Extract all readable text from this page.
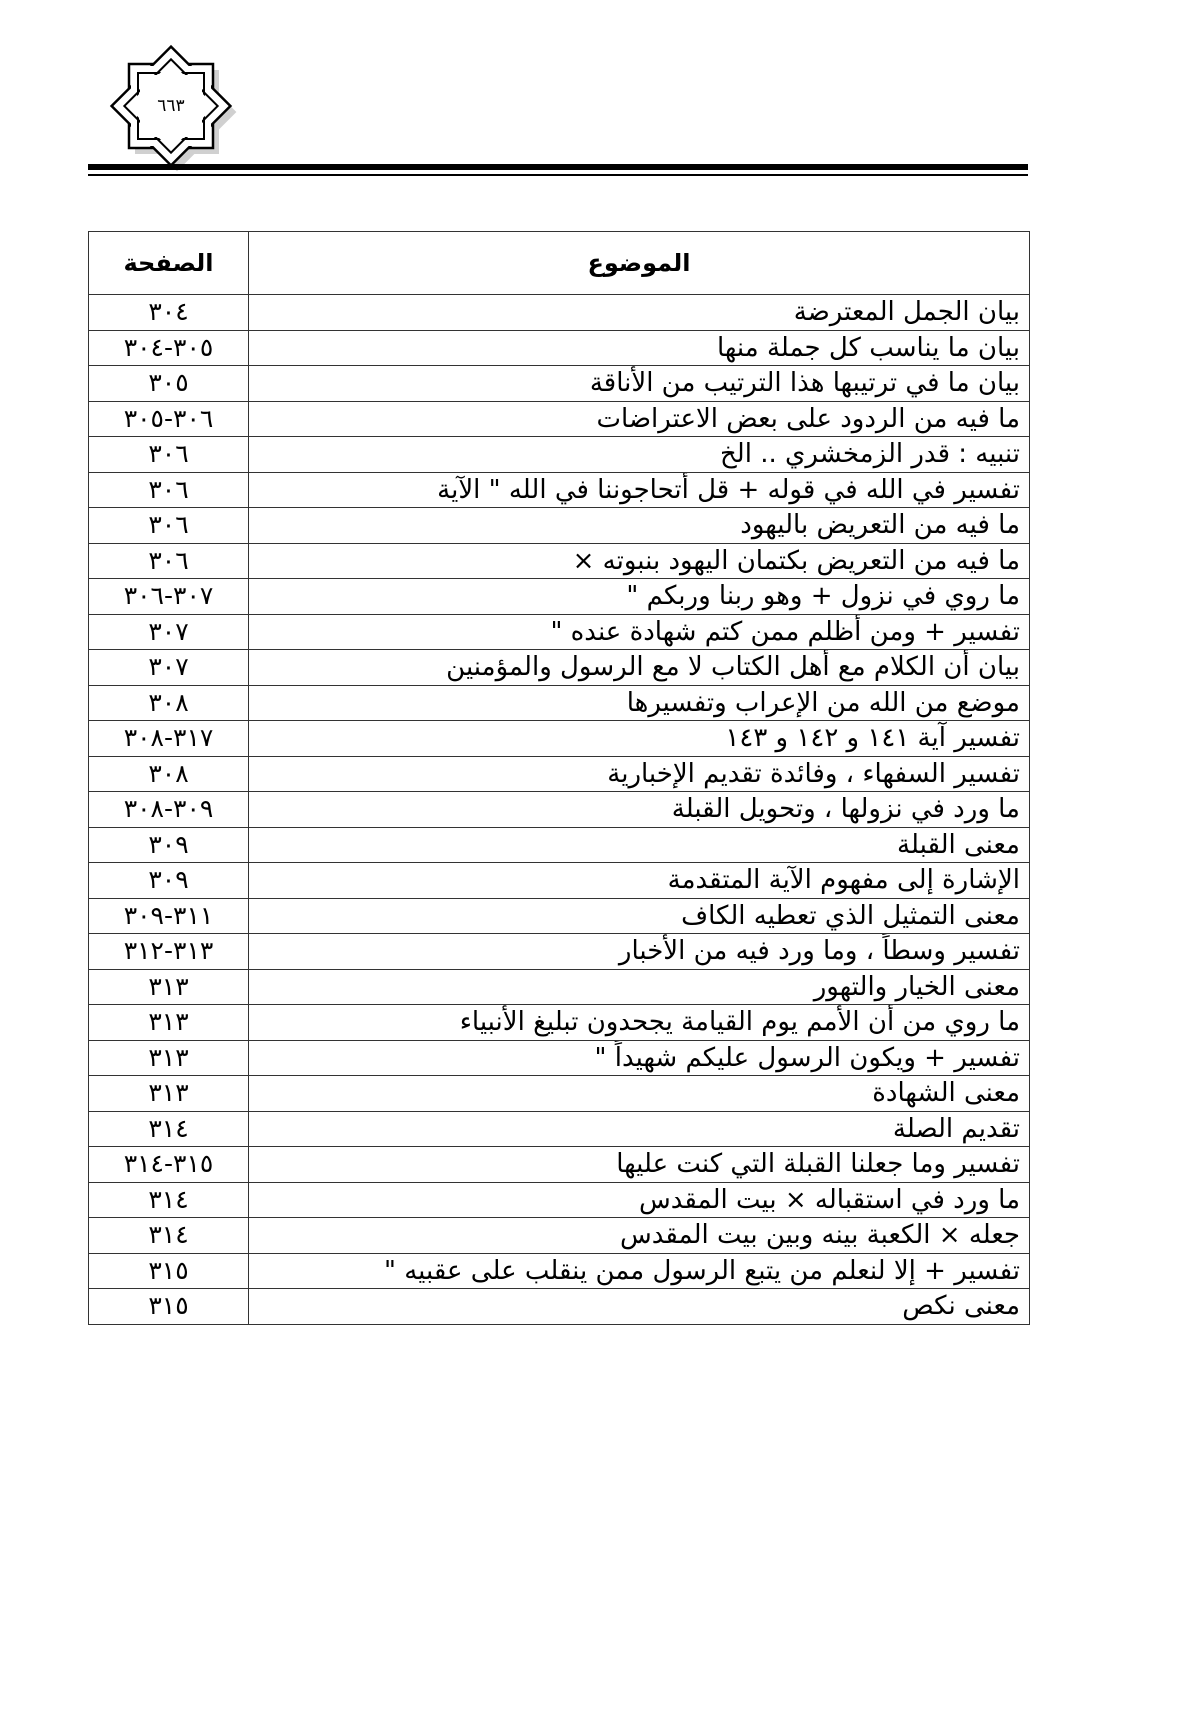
٦٦٣
الموضوع	الصفحة
بيان الجمل المعترضة	٣٠٤
بيان ما يناسب كل جملة منها	٣٠٥-٣٠٤
بيان ما في ترتيبها هذا الترتيب من الأناقة	٣٠٥
ما فيه من الردود على بعض الاعتراضات	٣٠٦-٣٠٥
تنبيه : قدر الزمخشري .. الخ	٣٠٦
تفسير في الله في قوله + قل أتحاجوننا في الله " الآية	٣٠٦
ما فيه من التعريض باليهود	٣٠٦
ما فيه من التعريض بكتمان اليهود بنبوته ×	٣٠٦
ما روي في نزول + وهو ربنا وربكم "	٣٠٧-٣٠٦
تفسير + ومن أظلم ممن كتم شهادة عنده "	٣٠٧
بيان أن الكلام مع أهل الكتاب لا مع الرسول والمؤمنين	٣٠٧
موضع من الله من الإعراب وتفسيرها	٣٠٨
تفسير آية ١٤١ و ١٤٢ و ١٤٣	٣١٧-٣٠٨
تفسير السفهاء ، وفائدة تقديم الإخبارية	٣٠٨
ما ورد في نزولها ، وتحويل القبلة	٣٠٩-٣٠٨
معنى القبلة	٣٠٩
الإشارة إلى مفهوم الآية المتقدمة	٣٠٩
معنى التمثيل الذي تعطيه الكاف	٣١١-٣٠٩
تفسير وسطاً ، وما ورد فيه من الأخبار	٣١٣-٣١٢
معنى الخيار والتهور	٣١٣
ما روي من أن الأمم يوم القيامة يجحدون تبليغ الأنبياء	٣١٣
تفسير + ويكون الرسول عليكم شهيداً "	٣١٣
معنى الشهادة	٣١٣
تقديم الصلة	٣١٤
تفسير وما جعلنا القبلة التي كنت عليها	٣١٥-٣١٤
ما ورد في استقباله × بيت المقدس	٣١٤
جعله × الكعبة بينه وبين بيت المقدس	٣١٤
تفسير + إلا لنعلم من يتبع الرسول ممن ينقلب على عقبيه "	٣١٥
معنى نكص	٣١٥
